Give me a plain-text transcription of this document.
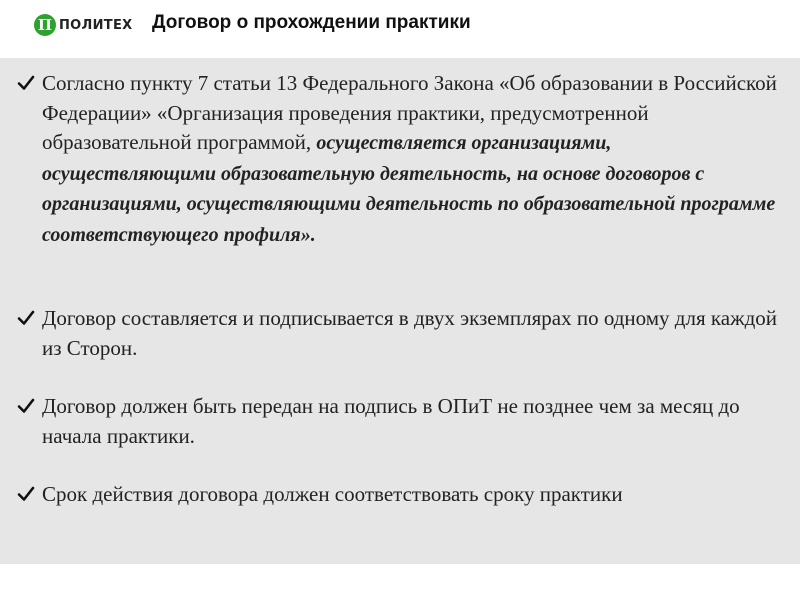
П ПОЛИТЕХ Договор о прохождении практики
Согласно пункту 7 статьи 13 Федерального Закона «Об образовании в Российской Федерации» «Организация проведения практики, предусмотренной образовательной программой, осуществляется организациями, осуществляющими образовательную деятельность, на основе договоров с организациями, осуществляющими деятельность по образовательной программе соответствующего профиля».
Договор составляется и подписывается в двух экземплярах по одному для каждой из Сторон.
Договор должен быть передан на подпись в ОПиТ не позднее чем за месяц до начала практики.
Срок действия договора должен соответствовать сроку практики
